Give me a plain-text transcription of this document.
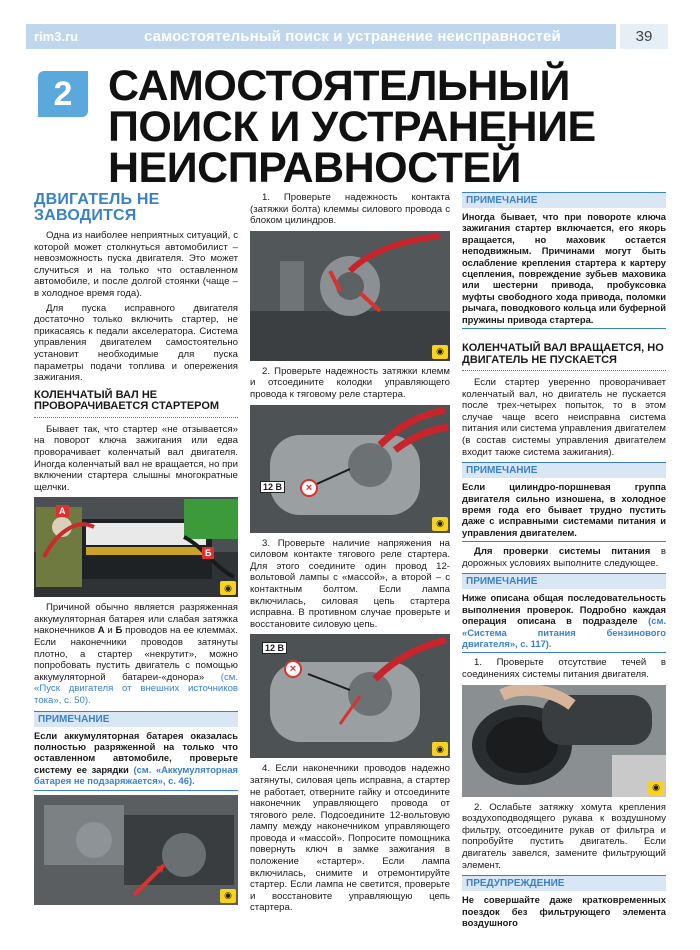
rim3.ru	самостоятельный поиск и устранение неисправностей	39
2 САМОСТОЯТЕЛЬНЫЙ ПОИСК И УСТРАНЕНИЕ НЕИСПРАВНОСТЕЙ
ДВИГАТЕЛЬ НЕ ЗАВОДИТСЯ

Одна из наиболее неприятных ситуаций, с которой может столкнуться автомобилист – невозможность пуска двигателя. Это может случиться и на только что оставленном автомобиле, и после долгой стоянки (чаще – в холодное время года).

Для пуска исправного двигателя достаточно только включить стартер, не прикасаясь к педали акселератора. Система управления двигателем самостоятельно установит необходимые для пуска параметры подачи топлива и опережения зажигания.

КОЛЕНЧАТЫЙ ВАЛ НЕ ПРОВОРАЧИВАЕТСЯ СТАРТЕРОМ

Бывает так, что стартер «не отзывается» на поворот ключа зажигания или едва проворачивает коленчатый вал двигателя. Иногда коленчатый вал не вращается, но при включении стартера слышны многократные щелчки.

А
Б
◉

Причиной обычно является разряженная аккумуляторная батарея или слабая затяжка наконечников А и Б проводов на ее клеммах. Если наконечники проводов затянуты плотно, а стартер «некрутит», можно попробовать пустить двигатель с помощью аккумуляторной батареи-«донора» (см. «Пуск двигателя от внешних источников тока», с. 50).

ПРИМЕЧАНИЕ
Если аккумуляторная батарея оказалась полностью разряженной на только что оставленном автомобиле, проверьте систему ее зарядки (см. «Аккумуляторная батарея не подзаряжается», с. 46).
◉

1. Проверьте надежность контакта (затяжки болта) клеммы силового провода с блоком цилиндров.

◉

2. Проверьте надежность затяжки клемм и отсоедините колодки управляющего провода к тяговому реле стартера.

12 В	×
◉

3. Проверьте наличие напряжения на силовом контакте тягового реле стартера. Для этого соедините один провод 12-вольтовой лампы с «массой», а второй – с контактным болтом. Если лампа включилась, силовая цепь стартера исправна. В противном случае проверьте и восстановите силовую цепь.

12 В
×
◉

4. Если наконечники проводов надежно затянуты, силовая цепь исправна, а стартер не работает, отверните гайку и отсоедините наконечник управляющего провода от тягового реле. Подсоедините 12-вольтовую лампу между наконечником управляющего провода и «массой». Попросите помощника повернуть ключ в замке зажигания в положение «стартер». Если лампа включилась, снимите и отремонтируйте стартер. Если лампа не светится, проверьте и восстановите управляющую цепь стартера.

ПРИМЕЧАНИЕ
Иногда бывает, что при повороте ключа зажигания стартер включается, его якорь вращается, но маховик остается неподвижным. Причинами могут быть ослабление крепления стартера к картеру сцепления, повреждение зубьев маховика или шестерни привода, пробуксовка муфты свободного хода привода, поломки рычага, поводкового кольца или буферной пружины привода стартера.
КОЛЕНЧАТЫЙ ВАЛ ВРАЩАЕТСЯ, НО ДВИГАТЕЛЬ НЕ ПУСКАЕТСЯ

Если стартер уверенно проворачивает коленчатый вал, но двигатель не пускается после трех-четырех попыток, то в этом случае чаще всего неисправна система питания или система управления двигателем (в состав системы управления двигателем входит также система зажигания).

ПРИМЕЧАНИЕ
Если цилиндро-поршневая группа двигателя сильно изношена, в холодное время года его бывает трудно пустить даже с исправными системами питания и управления двигателем.

Для проверки системы питания в дорожных условиях выполните следующее.

ПРИМЕЧАНИЕ
Ниже описана общая последовательность выполнения проверок. Подробно каждая операция описана в подразделе (см. «Система питания бензинового двигателя», с. 117).

1. Проверьте отсутствие течей в соединениях системы питания двигателя.

◉

2. Ослабьте затяжку хомута крепления воздухоподводящего рукава к воздушному фильтру, отсоедините рукав от фильтра и попробуйте пустить двигатель. Если двигатель завелся, замените фильтрующий элемент.

ПРЕДУПРЕЖДЕНИЕ
Не совершайте даже кратковременных поездок без фильтрующего элемента воздушного
